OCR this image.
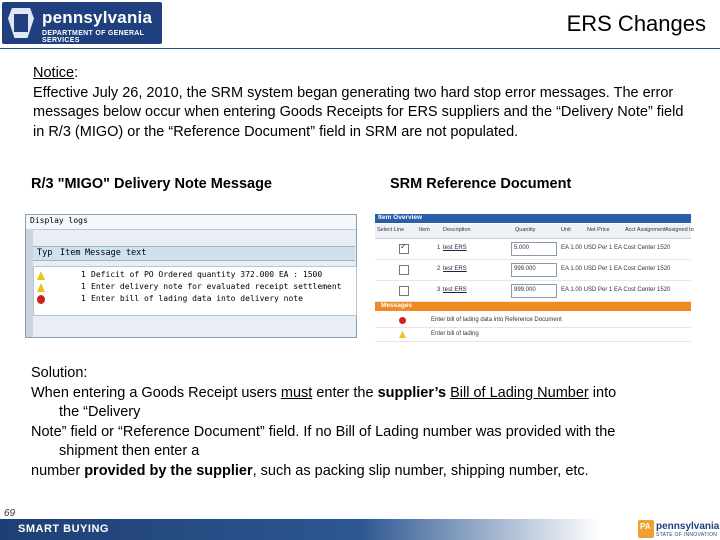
pennsylvania
DEPARTMENT OF GENERAL SERVICES
ERS Changes
Notice:
Effective July 26, 2010, the SRM system began generating two hard stop error messages. The error messages below occur when entering Goods Receipts for ERS suppliers and the “Delivery Note” field in R/3 (MIGO) or the “Reference Document” field in SRM are not populated.
R/3 "MIGO" Delivery Note Message	SRM Reference Document
Display logs
Typ Item Message text
1 Deficit of PO Ordered quantity 372.000 EA : 1500
1 Enter delivery note for evaluated receipt settlement
1 Enter bill of lading data into delivery note
Item Overview
Select Line	Item Description	Quantity	Unit	Net Price	Acct Assignment Assigned to
✓
1 test ERS	5.000	EA 1.00 USD Per 1 EA Cost Center 1520
2 test ERS	999.000	EA 1.00 USD Per 1 EA Cost Center 1520
3 test ERS	999.000	EA 1.00 USD Per 1 EA Cost Center 1520
Messages
Enter bill of lading data into Reference Document
Enter bill of lading
Solution:
When entering a Goods Receipt users must enter the supplier’s Bill of Lading Number into
the “Delivery
Note” field or “Reference Document” field. If no Bill of Lading number was provided with the
shipment then enter a
number provided by the supplier, such as packing slip number, shipping number, etc.
69
SMART BUYING	PA pennsylvania
STATE OF INNOVATION
